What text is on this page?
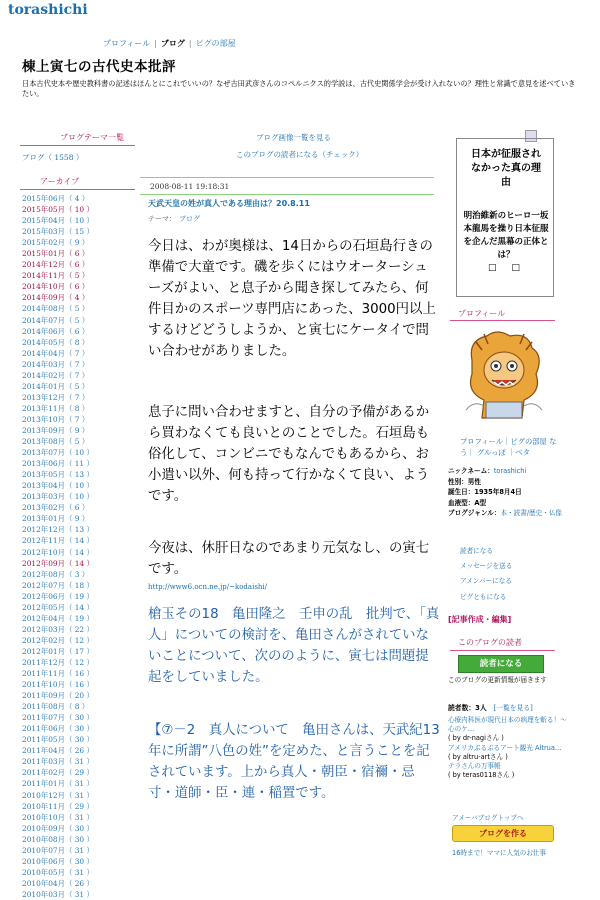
torashichi
プロフィール | ブログ | ピグの部屋
棟上寅七の古代史本批評
日本古代史本や歴史教科書の記述はほんとにこれでいいの？なぜ古田武彦さんのコペルニクス的学説は、古代史関係学会が受け入れないの？理性と常識で意見を述べていきたい。
ブログテーマ一覧
ブログ（ 1558 ）
アーカイブ
2015年06月（ 4 ）
2015年05月（ 10 ）
2015年04月（ 10 ）
2015年03月（ 15 ）
2015年02月（ 9 ）
2015年01月（ 6 ）
2014年12月（ 6 ）
2014年11月（ 5 ）
2014年10月（ 6 ）
2014年09月（ 4 ）
2014年08月（ 5 ）
2014年07月（ 5 ）
2014年06月（ 6 ）
2014年05月（ 8 ）
2014年04月（ 7 ）
2014年03月（ 7 ）
2014年02月（ 7 ）
2014年01月（ 5 ）
2013年12月（ 7 ）
2013年11月（ 8 ）
2013年10月（ 7 ）
2013年09月（ 9 ）
2013年08月（ 5 ）
2013年07月（ 10 ）
2013年06月（ 11 ）
2013年05月（ 13 ）
2013年04月（ 10 ）
2013年03月（ 10 ）
2013年02月（ 6 ）
2013年01月（ 9 ）
2012年12月（ 13 ）
2012年11月（ 14 ）
2012年10月（ 14 ）
2012年09月（ 14 ）
2012年08月（ 3 ）
2012年07月（ 18 ）
2012年06月（ 19 ）
2012年05月（ 14 ）
2012年04月（ 19 ）
2012年03月（ 22 ）
2012年02月（ 12 ）
2012年01月（ 17 ）
2011年12月（ 12 ）
2011年11月（ 16 ）
2011年10月（ 16 ）
2011年09月（ 20 ）
2011年08月（ 8 ）
2011年07月（ 30 ）
2011年06月（ 30 ）
2011年05月（ 30 ）
2011年04月（ 26 ）
2011年03月（ 31 ）
2011年02月（ 29 ）
2011年01月（ 31 ）
2010年12月（ 31 ）
2010年11月（ 29 ）
2010年10月（ 31 ）
2010年09月（ 30 ）
2010年08月（ 30 ）
2010年07月（ 31 ）
2010年06月（ 30 ）
2010年05月（ 31 ）
2010年04月（ 26 ）
2010年03月（ 31 ）
ブログ画像一覧を見る
このブログの読者になる（チェック）
2008-08-11 19:18:31
天武天皇の姓が真人である理由は？20.8.11
テーマ： ブログ
今日は、わが奥様は、14日からの石垣島行きの準備で大童です。磯を歩くにはウオーターシューズがよい、と息子から聞き探してみたら、何件目かのスポーツ専門店にあった、3000円以上するけどどうしようか、と寅七にケータイで問い合わせがありました。
息子に問い合わせますと、自分の予備があるから買わなくても良いとのことでした。石垣島も俗化して、コンビニでもなんでもあるから、お小遣い以外、何も持って行かなくて良い、ようです。
今夜は、休肝日なのであまり元気なし、の寅七です。
http://www6.ocn.ne.jp/~kodaishi/
槍玉その18　亀田隆之　壬申の乱　批判で、「真人」についての検討を、亀田さんがされていないことについて、次ののように、寅七は問題提起をしていました。
【⑦－2　真人について　亀田さんは、天武紀13年に所謂”八色の姓”を定めた、と言うことを記されています。上から真人・朝臣・宿禰・忌寸・道師・臣・連・稲置です。
日本が征服されなかった真の理由
明治維新のヒーロ一坂本龍馬を操り日本征服を企んだ黒幕の正体とは？
□ □
プロフィール
プロフィール｜ピグの部屋 なう｜ グルっぽ ｜ペタ
ニックネーム：torashichi
性別：男性
誕生日：1935年8月4日
血液型：A型
ブログジャンル：本・読書/歴史・仏像
読者になる
メッセージを送る
アメンバーになる
ピグともになる
[記事作成・編集]
このブログの読者
読者になる
このブログの更新情報が届きます
読者数：3人　 [一覧を見る]
心療内科医が現代日本の病理を斬る！～心のケ…
( by dr-nagiさん )
アメリカぶるぶるアート観光 Altrua…
( by altru-artさん )
テラさんの万事帳
( by teras0118さん )
アメーバブログトップへ
ブログを作る
16時まで！ママに人気のお仕事
